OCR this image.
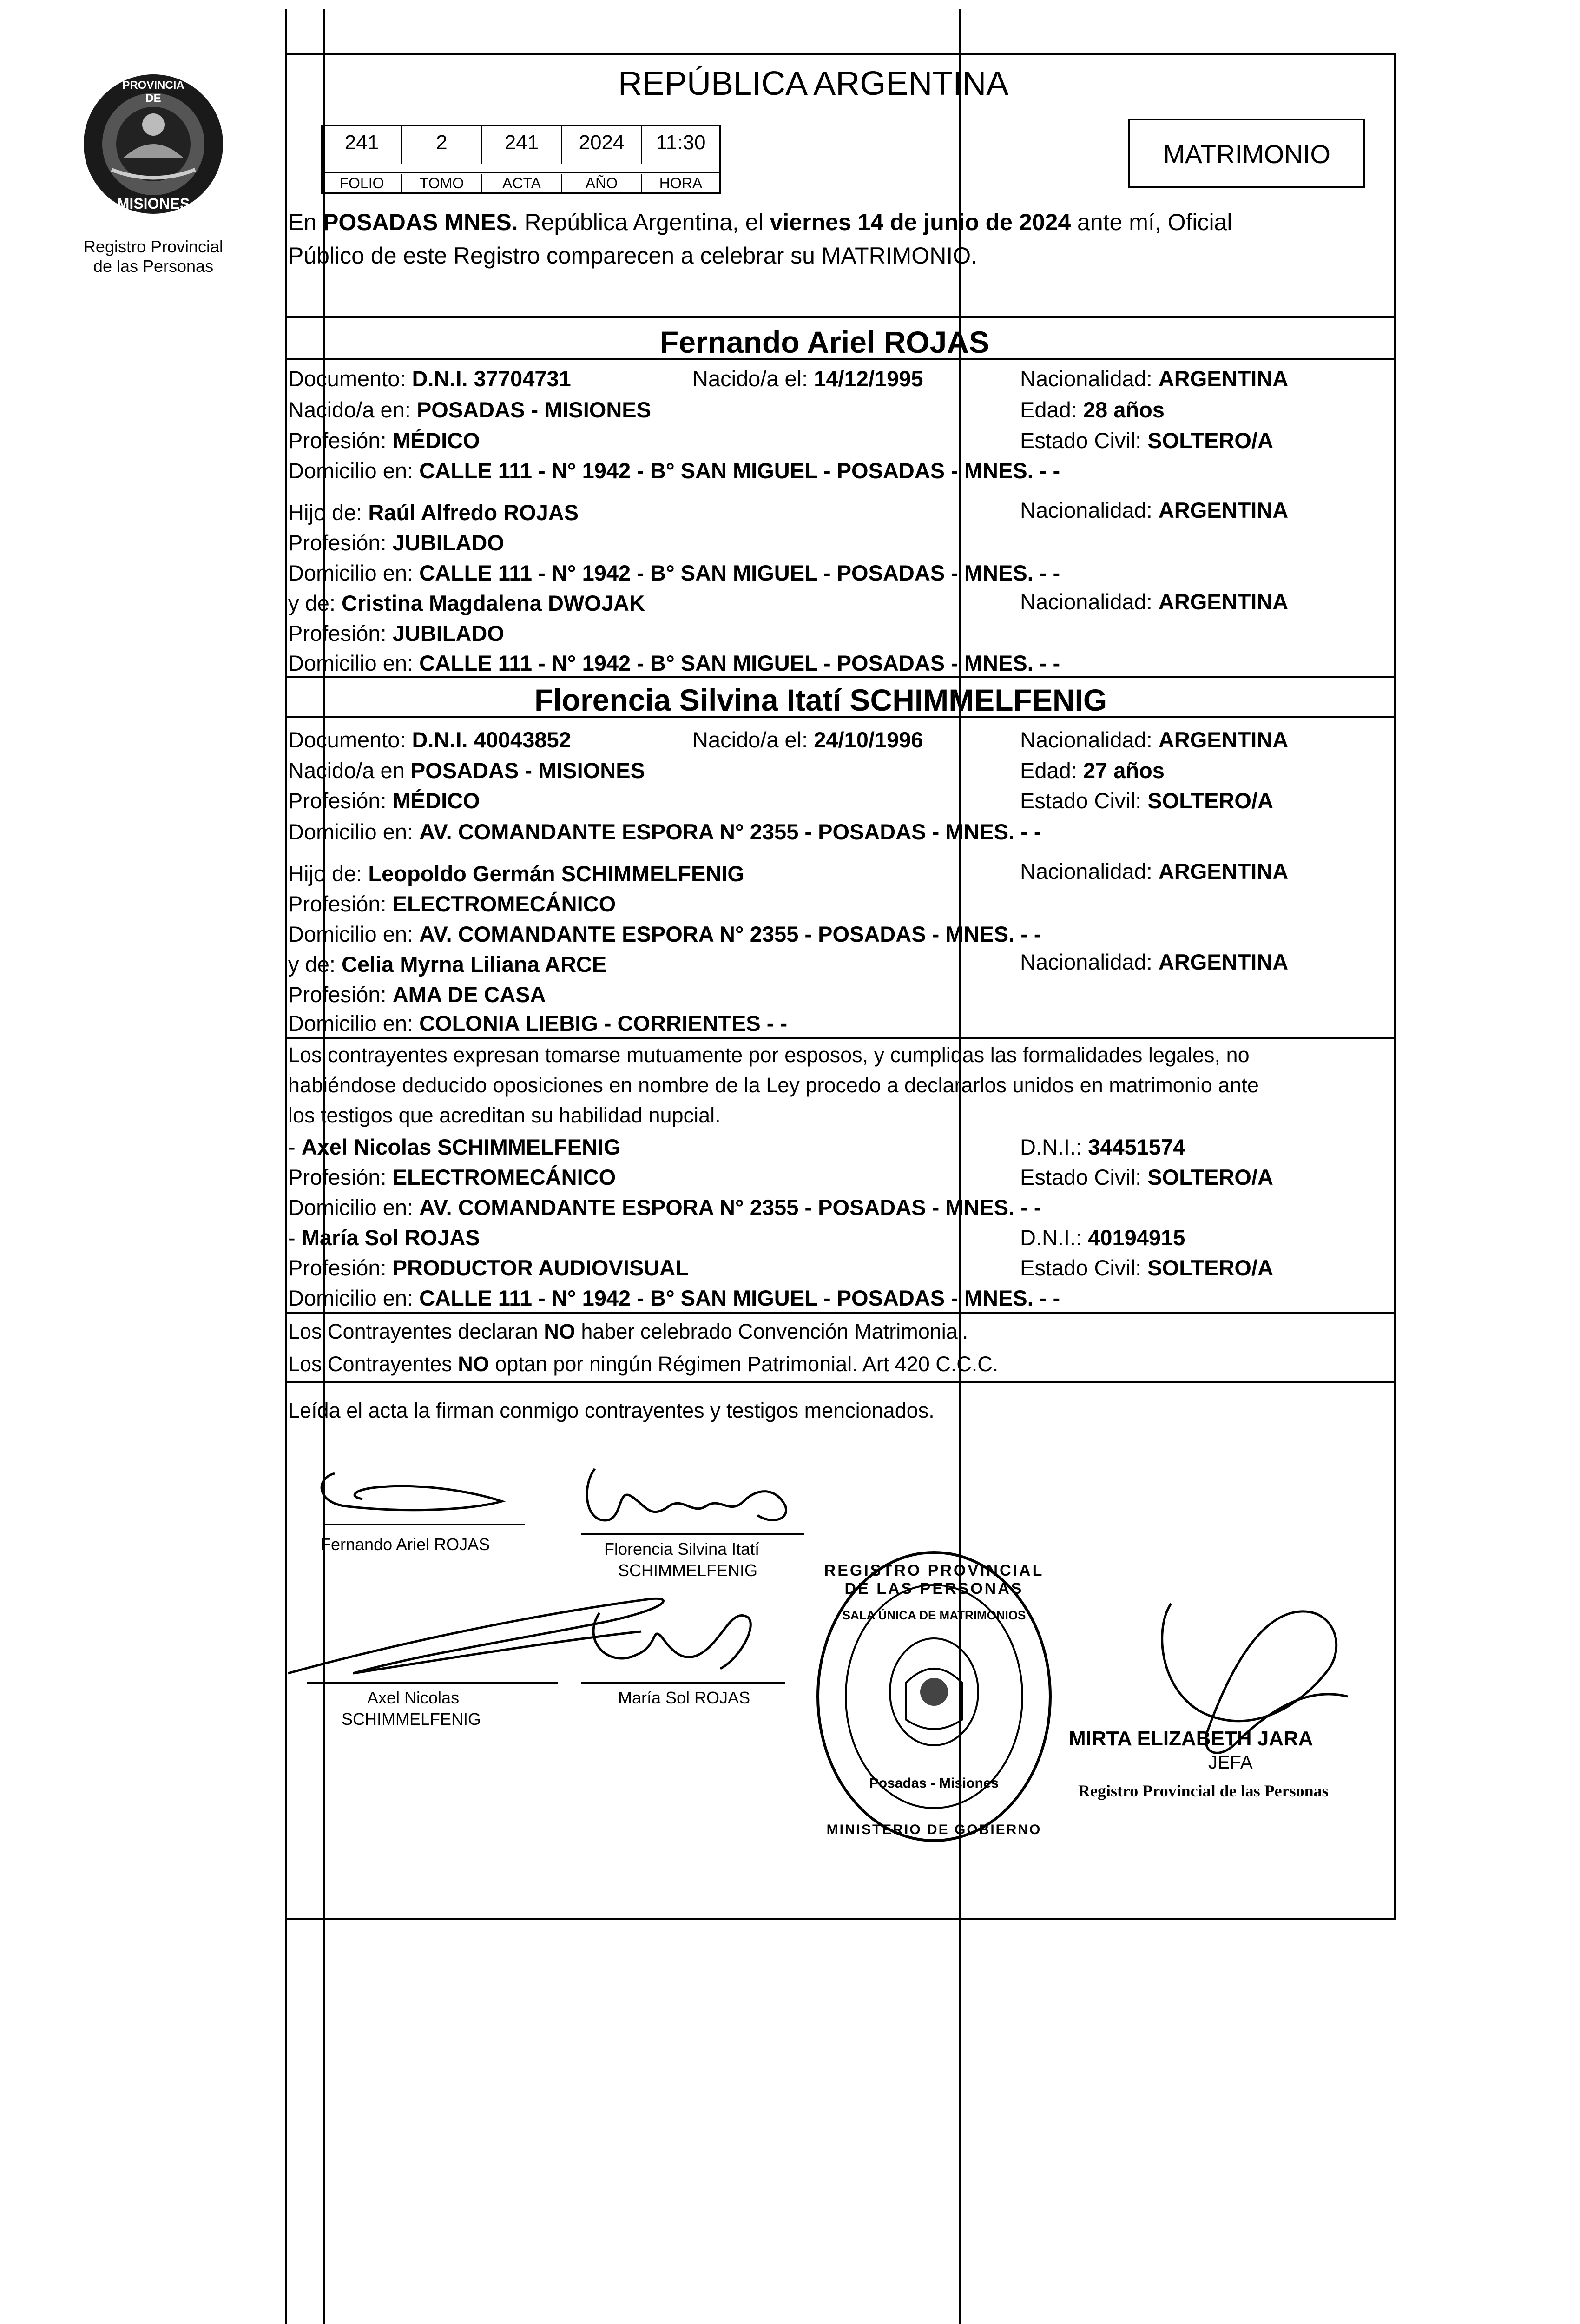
PROVINCIA DE
MISIONES
Registro Provincial
de las Personas
REPÚBLICA ARGENTINA
241	2	241	2024	11:30
FOLIO	TOMO	ACTA	AÑO	HORA
MATRIMONIO
En POSADAS MNES. República Argentina, el viernes 14 de junio de 2024 ante mí, Oficial
Público de este Registro comparecen a celebrar su MATRIMONIO.
Fernando Ariel ROJAS
Documento: D.N.I. 37704731	Nacido/a el: 14/12/1995	Nacionalidad: ARGENTINA
Nacido/a en: POSADAS - MISIONES	Edad: 28 años
Profesión: MÉDICO	Estado Civil: SOLTERO/A
Domicilio en: CALLE 111 - N° 1942 - B° SAN MIGUEL - POSADAS - MNES. - -
Hijo de: Raúl Alfredo ROJAS	Nacionalidad: ARGENTINA
Profesión: JUBILADO
Domicilio en: CALLE 111 - N° 1942 - B° SAN MIGUEL - POSADAS - MNES. - -
y de: Cristina Magdalena DWOJAK	Nacionalidad: ARGENTINA
Profesión: JUBILADO
Domicilio en: CALLE 111 - N° 1942 - B° SAN MIGUEL - POSADAS - MNES. - -
Florencia Silvina Itatí SCHIMMELFENIG
Documento: D.N.I. 40043852	Nacido/a el: 24/10/1996	Nacionalidad: ARGENTINA
Nacido/a en POSADAS - MISIONES	Edad: 27 años
Profesión: MÉDICO	Estado Civil: SOLTERO/A
Domicilio en: AV. COMANDANTE ESPORA N° 2355 - POSADAS - MNES. - -
Hijo de: Leopoldo Germán SCHIMMELFENIG	Nacionalidad: ARGENTINA
Profesión: ELECTROMECÁNICO
Domicilio en: AV. COMANDANTE ESPORA N° 2355 - POSADAS - MNES. - -
y de: Celia Myrna Liliana ARCE	Nacionalidad: ARGENTINA
Profesión: AMA DE CASA
Domicilio en: COLONIA LIEBIG - CORRIENTES - -
Los contrayentes expresan tomarse mutuamente por esposos, y cumplidas las formalidades legales, no
habiéndose deducido oposiciones en nombre de la Ley procedo a declararlos unidos en matrimonio ante
los testigos que acreditan su habilidad nupcial.
- Axel Nicolas SCHIMMELFENIG	D.N.I.: 34451574
Profesión: ELECTROMECÁNICO	Estado Civil: SOLTERO/A
Domicilio en: AV. COMANDANTE ESPORA N° 2355 - POSADAS - MNES. - -
- María Sol ROJAS	D.N.I.: 40194915
Profesión: PRODUCTOR AUDIOVISUAL	Estado Civil: SOLTERO/A
Domicilio en: CALLE 111 - N° 1942 - B° SAN MIGUEL - POSADAS - MNES. - -
Los Contrayentes declaran NO haber celebrado Convención Matrimonial.
Los Contrayentes NO optan por ningún Régimen Patrimonial. Art 420 C.C.C.
Leída el acta la firman conmigo contrayentes y testigos mencionados.
Fernando Ariel ROJAS	Florencia Silvina Itatí
SCHIMMELFENIG
Axel Nicolas
SCHIMMELFENIG
María Sol ROJAS
REGISTRO PROVINCIAL DE LAS PERSONAS
SALA ÚNICA DE MATRIMONIOS
Posadas - Misiones
MINISTERIO DE GOBIERNO
MIRTA ELIZABETH JARA
JEFA
Registro Provincial de las Personas
